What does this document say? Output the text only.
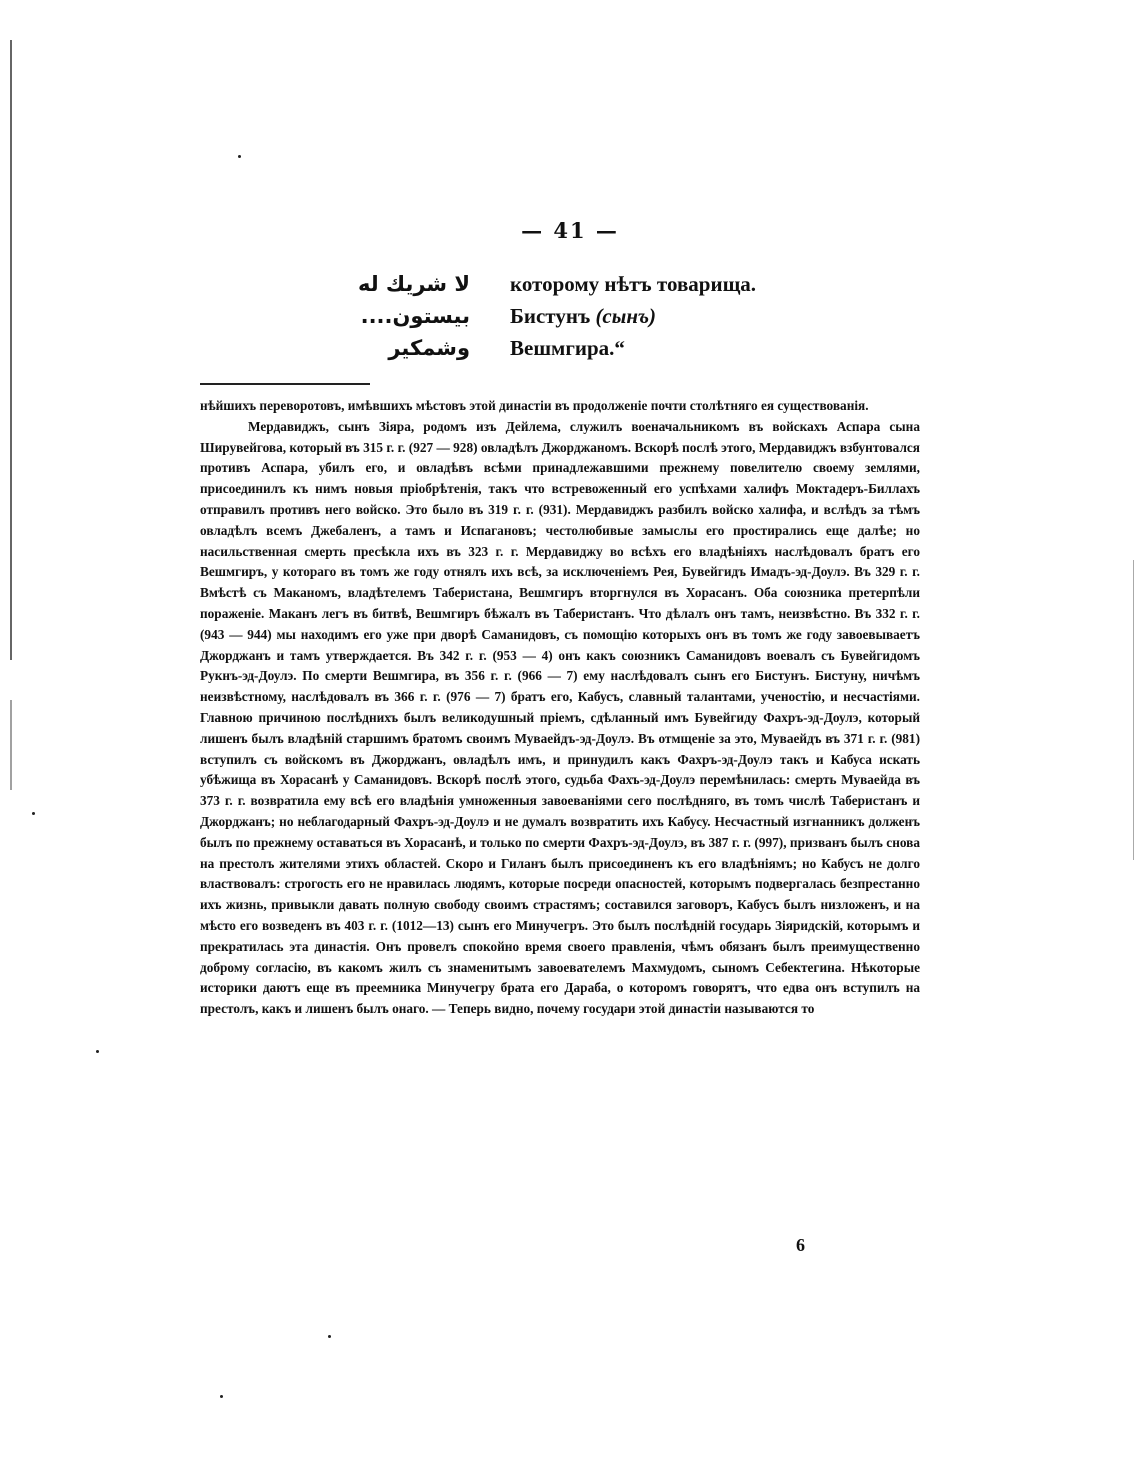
— 41 —
لا شريك له которому нѣтъ товарища.
بيستون.... Бистунъ (сынъ)
وشمكير Вешмгира.“

нѣйшихъ переворотовъ, имѣвшихъ мѣстовъ этой династiи въ продолженiе почти столѣтняго ея существованiя.

Мердавиджъ, сынъ Зiяра, родомъ изъ Дейлема, служилъ военачальникомъ въ войскахъ Аспара сына Ширувейгова, который въ 315 г. г. (927 — 928) овладѣлъ Джорджаномъ. Вскорѣ послѣ этого, Мердавиджъ взбунтовался противъ Аспара, убилъ его, и овладѣвъ всѣми принадлежавшими прежнему повелителю своему землями, присоединилъ къ нимъ новыя прiобрѣтенiя, такъ что встревоженный его успѣхами халифъ Моктадеръ-Биллахъ отправилъ противъ него войско. Это было въ 319 г. г. (931). Мердавиджъ разбилъ войско халифа, и вслѣдъ за тѣмъ овладѣлъ всемъ Джебаленъ, а тамъ и Испагановъ; честолюбивые замыслы его простирались еще далѣе; но насильственная смерть пресѣкла ихъ въ 323 г. г. Мердавиджу во всѣхъ его владѣнiяхъ наслѣдовалъ братъ его Вешмгиръ, у котораго въ томъ же году отнялъ ихъ всѣ, за исключенiемъ Рея, Бувейгидъ Имадъ-эд-Доулэ. Въ 329 г. г. Вмѣстѣ съ Маканомъ, владѣтелемъ Таберистана, Вешмгиръ вторгнулся въ Хорасанъ. Оба союзника претерпѣли пораженiе. Маканъ легъ въ битвѣ, Вешмгиръ бѣжалъ въ Таберистанъ. Что дѣлалъ онъ тамъ, неизвѣстно. Въ 332 г. г. (943 — 944) мы находимъ его уже при дворѣ Саманидовъ, съ помощiю которыхъ онъ въ томъ же году завоевываетъ Джорджанъ и тамъ утверждается. Въ 342 г. г. (953 — 4) онъ какъ союзникъ Саманидовъ воевалъ съ Бувейгидомъ Рукнъ-эд-Доулэ. По смерти Вешмгира, въ 356 г. г. (966 — 7) ему наслѣдовалъ сынъ его Бистунъ. Бистуну, ничѣмъ неизвѣстному, наслѣдовалъ въ 366 г. г. (976 — 7) братъ его, Кабусъ, славный талантами, ученостiю, и несчастiями. Главною причиною послѣднихъ былъ великодушный прiемъ, сдѣланный имъ Бувейгиду Фахръ-эд-Доулэ, который лишенъ былъ владѣнiй старшимъ братомъ своимъ Муваейдъ-эд-Доулэ. Въ отмщенiе за это, Муваейдъ въ 371 г. г. (981) вступилъ съ войскомъ въ Джорджанъ, овладѣлъ имъ, и принудилъ какъ Фахръ-эд-Доулэ такъ и Кабуса искать убѣжища въ Хорасанѣ у Саманидовъ. Вскорѣ послѣ этого, судьба Фахъ-эд-Доулэ перемѣнилась: смерть Муваейда въ 373 г. г. возвратила ему всѣ его владѣнiя умноженныя завоеванiями сего послѣдняго, въ томъ числѣ Таберистанъ и Джорджанъ; но неблагодарный Фахръ-эд-Доулэ и не думалъ возвратить ихъ Кабусу. Несчастный изгнанникъ долженъ былъ по прежнему оставаться въ Хорасанѣ, и только по смерти Фахръ-эд-Доулэ, въ 387 г. г. (997), призванъ былъ снова на престолъ жителями этихъ областей. Скоро и Гиланъ былъ присоединенъ къ его владѣнiямъ; но Кабусъ не долго властвовалъ: строгость его не нравилась людямъ, которые посреди опасностей, которымъ подвергалась безпрестанно ихъ жизнь, привыкли давать полную свободу своимъ страстямъ; составился заговоръ, Кабусъ былъ низложенъ, и на мѣсто его возведенъ въ 403 г. г. (1012—13) сынъ его Минучегръ. Это былъ послѣднiй государь Зiяридскiй, которымъ и прекратилась эта династiя. Онъ провелъ спокойно время своего правленiя, чѣмъ обязанъ былъ преимущественно доброму согласiю, въ какомъ жилъ съ знаменитымъ завоевателемъ Махмудомъ, сыномъ Себектегина. Нѣкоторые историки даютъ еще въ преемника Минучегру брата его Дараба, о которомъ говорятъ, что едва онъ вступилъ на престолъ, какъ и лишенъ былъ онаго. — Теперь видно, почему государи этой династiи называются то

6
